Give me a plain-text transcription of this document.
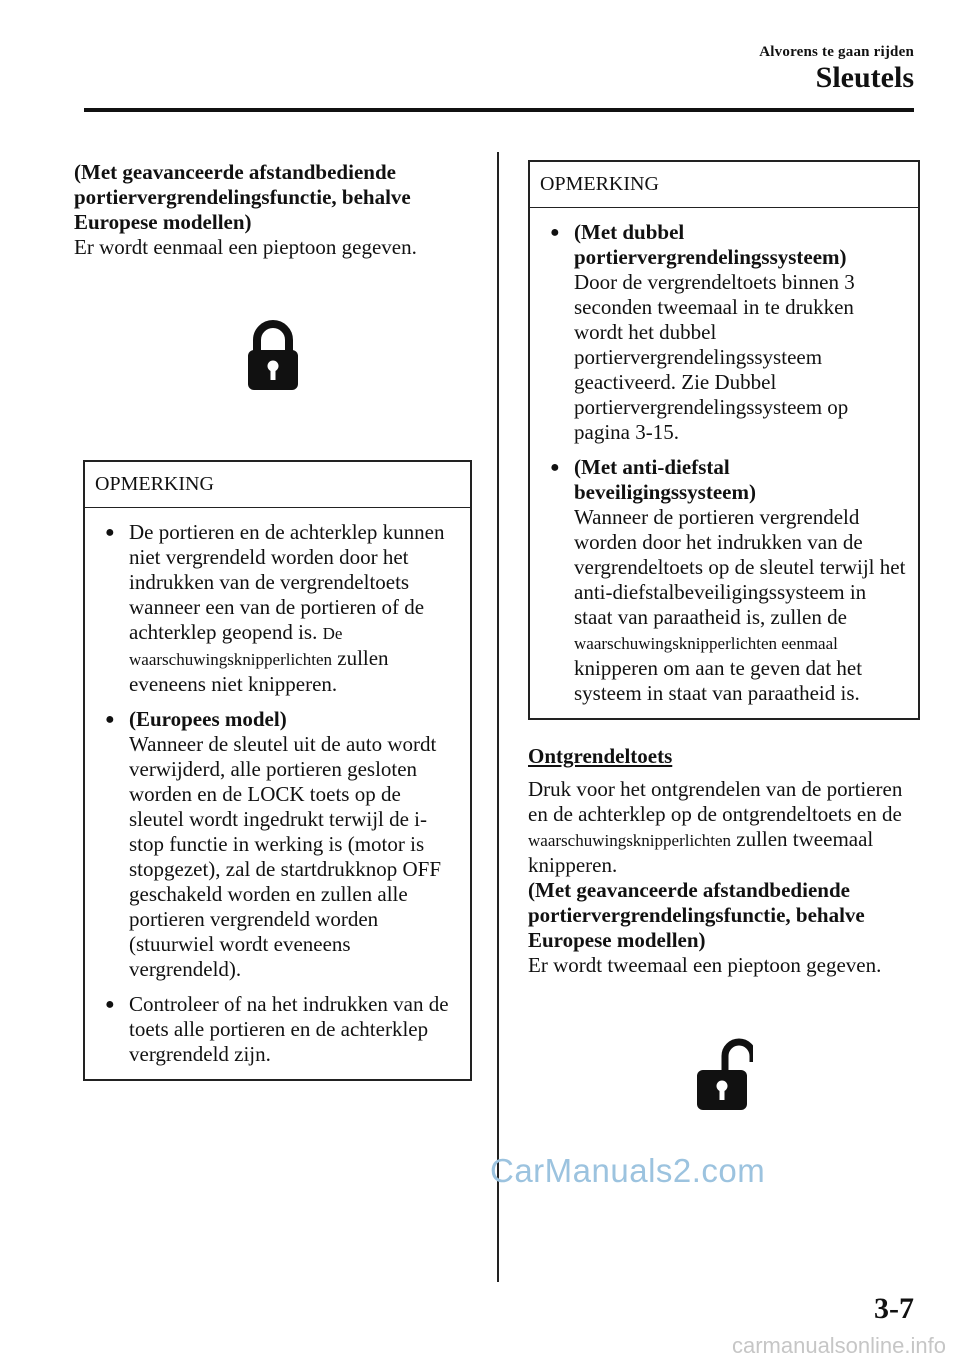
Alvorens te gaan rijden
Sleutels

(Met geavanceerde afstandbediende

portiervergrendelingsfunctie, behalve

Europese modellen)

Er wordt eenmaal een pieptoon gegeven.

OPMERKING
● De portieren en de achterklep kunnen niet vergrendeld worden door het indrukken van de vergrendeltoets wanneer een van de portieren of de achterklep geopend is. De waarschuwingsknipperlichten zullen eveneens niet knipperen.
● (Europees model)
Wanneer de sleutel uit de auto wordt verwijderd, alle portieren gesloten worden en de LOCK toets op de sleutel wordt ingedrukt terwijl de i-stop functie in werking is (motor is stopgezet), zal de startdrukknop OFF geschakeld worden en zullen alle portieren vergrendeld worden (stuurwiel wordt eveneens vergrendeld).
● Controleer of na het indrukken van de toets alle portieren en de achterklep vergrendeld zijn.
OPMERKING
● (Met dubbel
portiervergrendelingssysteem)
Door de vergrendeltoets binnen 3 seconden tweemaal in te drukken wordt het dubbel portiervergrendelingssysteem geactiveerd. Zie Dubbel portiervergrendelingssysteem op pagina 3-15.
● (Met anti-diefstal
beveiligingssysteem)
Wanneer de portieren vergrendeld worden door het indrukken van de vergrendeltoets op de sleutel terwijl het anti-diefstalbeveiligingssysteem in staat van paraatheid is, zullen de waarschuwingsknipperlichten eenmaal knipperen om aan te geven dat het systeem in staat van paraatheid is.

Ontgrendeltoets

Druk voor het ontgrendelen van de portieren en de achterklep op de ontgrendeltoets en de waarschuwingsknipperlichten zullen tweemaal knipperen.

(Met geavanceerde afstandbediende

portiervergrendelingsfunctie, behalve

Europese modellen)

Er wordt tweemaal een pieptoon gegeven.

CarManuals2.com
3-7
carmanualsonline.info
